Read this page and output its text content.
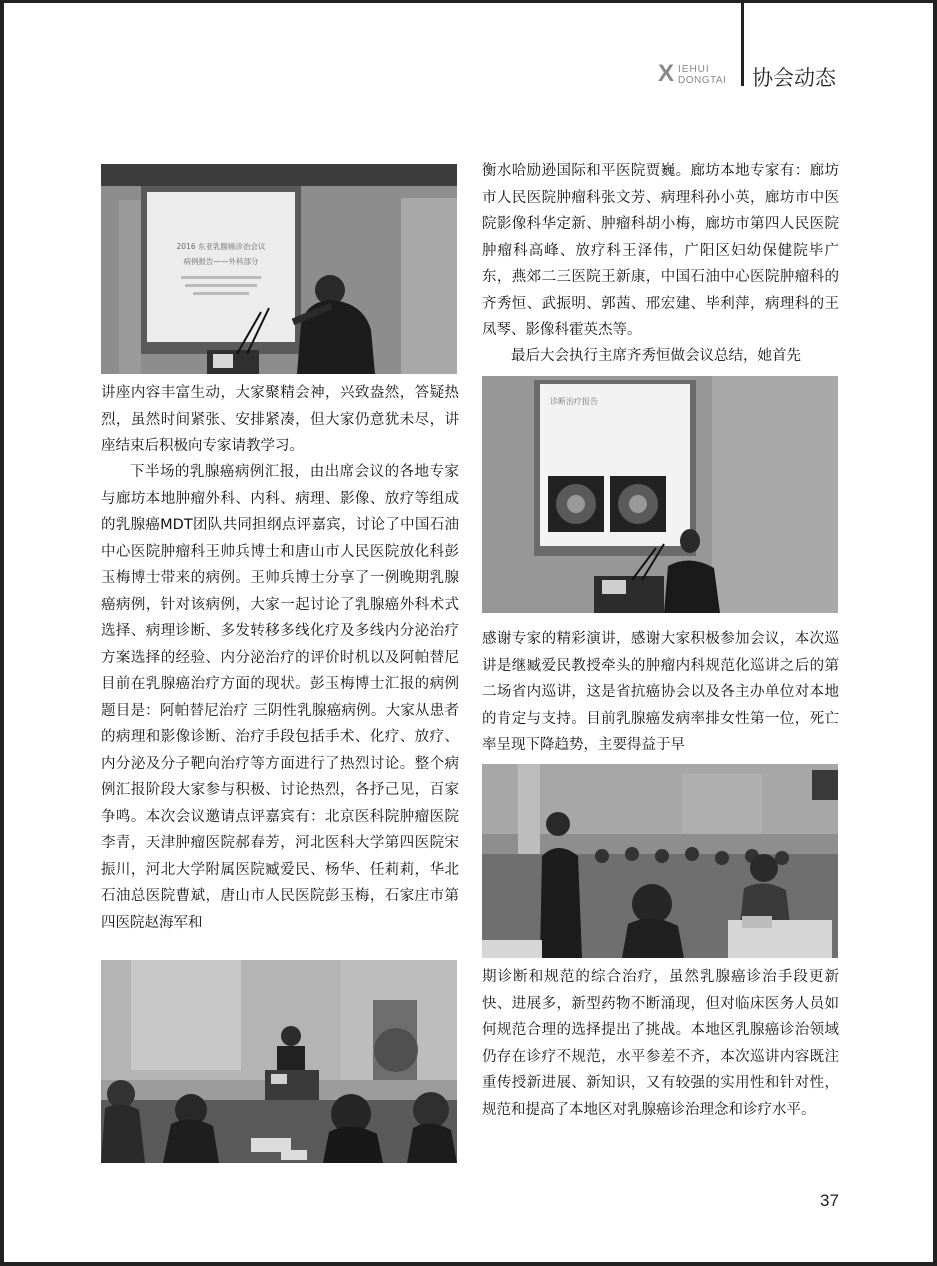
X IEHUI
DONGTAI 协会动态
2016 东亚乳腺癌诊治会议
病例报告——外科部分
讲座内容丰富生动，大家聚精会神，兴致盎然，答疑热烈，虽然时间紧张、安排紧凑，但大家仍意犹未尽，讲座结束后积极向专家请教学习。
下半场的乳腺癌病例汇报，由出席会议的各地专家与廊坊本地肿瘤外科、内科、病理、影像、放疗等组成的乳腺癌MDT团队共同担纲点评嘉宾，讨论了中国石油中心医院肿瘤科王帅兵博士和唐山市人民医院放化科彭玉梅博士带来的病例。王帅兵博士分享了一例晚期乳腺癌病例，针对该病例，大家一起讨论了乳腺癌外科术式选择、病理诊断、多发转移多线化疗及多线内分泌治疗方案选择的经验、内分泌治疗的评价时机以及阿帕替尼目前在乳腺癌治疗方面的现状。彭玉梅博士汇报的病例题目是：阿帕替尼治疗 三阴性乳腺癌病例。大家从患者的病理和影像诊断、治疗手段包括手术、化疗、放疗、内分泌及分子靶向治疗等方面进行了热烈讨论。整个病例汇报阶段大家参与积极、讨论热烈，各抒己见，百家争鸣。本次会议邀请点评嘉宾有：北京医科院肿瘤医院李青，天津肿瘤医院郝春芳，河北医科大学第四医院宋振川，河北大学附属医院臧爱民、杨华、任莉莉，华北石油总医院曹斌，唐山市人民医院彭玉梅，石家庄市第四医院赵海军和
衡水哈励逊国际和平医院贾巍。廊坊本地专家有：廊坊市人民医院肿瘤科张文芳、病理科孙小英，廊坊市中医院影像科华定新、肿瘤科胡小梅，廊坊市第四人民医院肿瘤科高峰、放疗科王泽伟，广阳区妇幼保健院毕广东，燕郊二三医院王新康，中国石油中心医院肿瘤科的齐秀恒、武振明、郭茜、邢宏建、毕利萍，病理科的王凤琴、影像科霍英杰等。
最后大会执行主席齐秀恒做会议总结，她首先
诊断治疗报告
感谢专家的精彩演讲，感谢大家积极参加会议，本次巡讲是继臧爱民教授牵头的肿瘤内科规范化巡讲之后的第二场省内巡讲，这是省抗癌协会以及各主办单位对本地的肯定与支持。目前乳腺癌发病率排女性第一位，死亡率呈现下降趋势，主要得益于早
期诊断和规范的综合治疗，虽然乳腺癌诊治手段更新快、进展多，新型药物不断涌现，但对临床医务人员如何规范合理的选择提出了挑战。本地区乳腺癌诊治领域仍存在诊疗不规范，水平参差不齐，本次巡讲内容既注重传授新进展、新知识，又有较强的实用性和针对性，规范和提高了本地区对乳腺癌诊治理念和诊疗水平。
37
